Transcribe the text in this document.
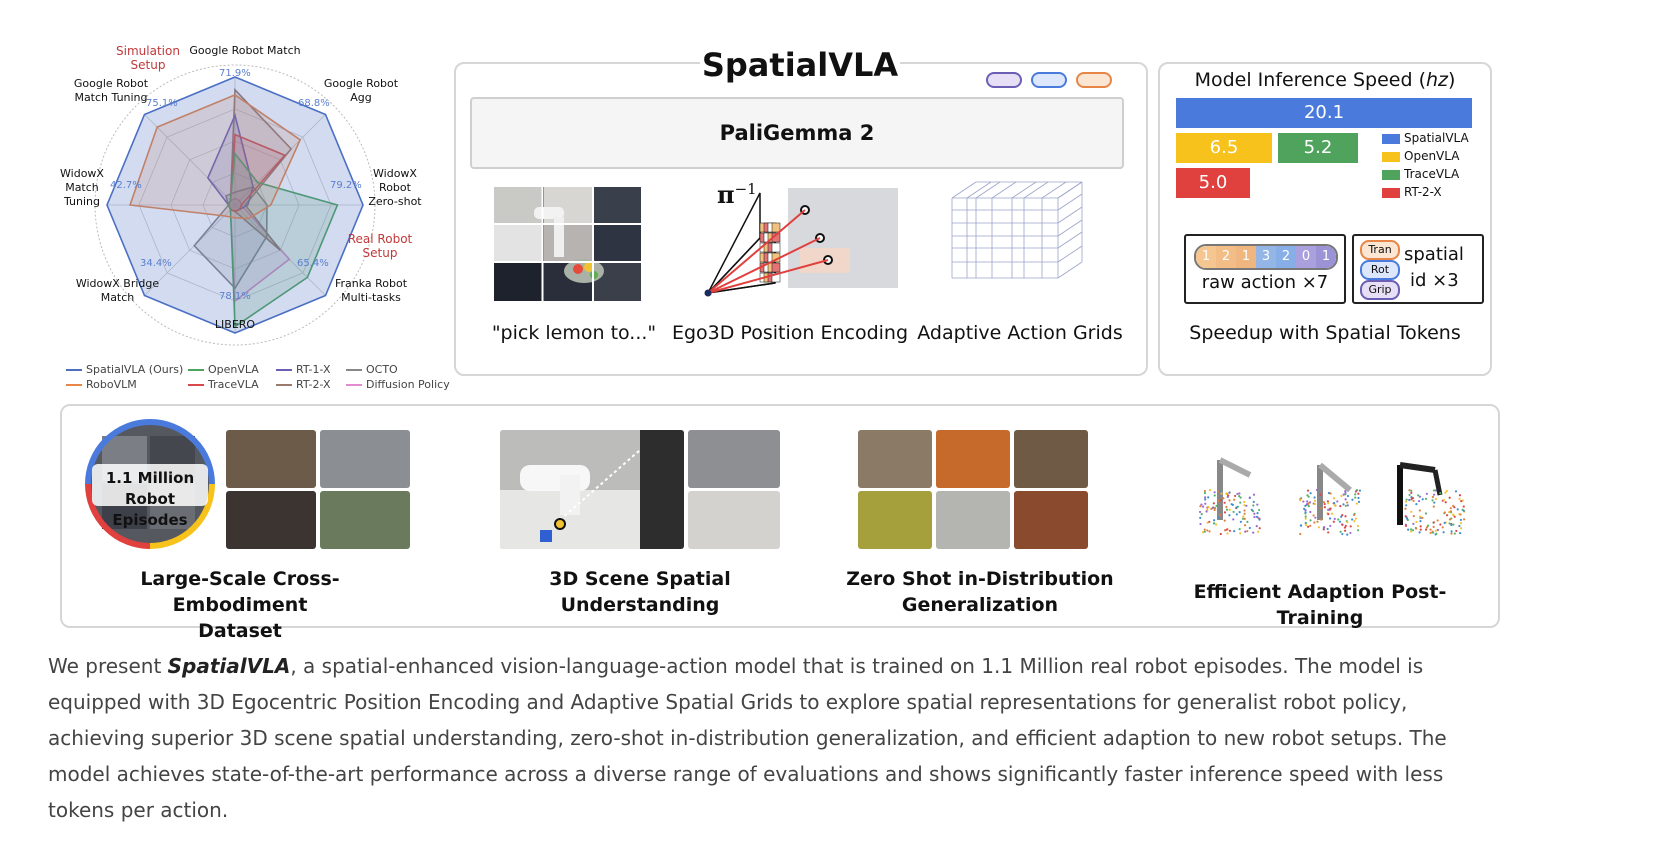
Google Robot Match
Google Robot
Agg
WidowX
Robot
Zero-shot
Franka Robot
Multi-tasks
LIBERO
WidowX Bridge
Match
WidowX
Match
Tuning
Google Robot
Match Tuning
Simulation
Setup
Real Robot
Setup
71.9%
68.8%
79.2%
65.4%
78.1%
34.4%
42.7%
75.1%
SpatialVLA (Ours)	OpenVLA	RT-1-X	OCTO
RoboVLM	TraceVLA	RT-2-X	Diffusion Policy
SpatialVLA

PaliGemma 2
"pick lemon to..."
$\pi^{-1}$
Ego3D Position Encoding Adaptive Action Grids
Model Inference Speed (hz)
20.1
6.5	5.2
5.0
SpatialVLA
OpenVLA
TraceVLA
RT-2-X
1 2 1 3 2 0 1
raw action ×7
Tran
Rot
Grip
spatial
id ×3
Speedup with Spatial Tokens
1.1 Million Robot Episodes
Large-Scale Cross-Embodiment
Dataset
3D Scene Spatial
Understanding
Zero Shot in-Distribution
Generalization
Efficient Adaption Post-Training
We present SpatialVLA, a spatial-enhanced vision-language-action model that is trained on 1.1 Million real robot episodes. The model is equipped with 3D Egocentric Position Encoding and Adaptive Spatial Grids to explore spatial representations for generalist robot policy, achieving superior 3D scene spatial understanding, zero-shot in-distribution generalization, and efficient adaption to new robot setups. The model achieves state-of-the-art performance across a diverse range of evaluations and shows significantly faster inference speed with less tokens per action.
